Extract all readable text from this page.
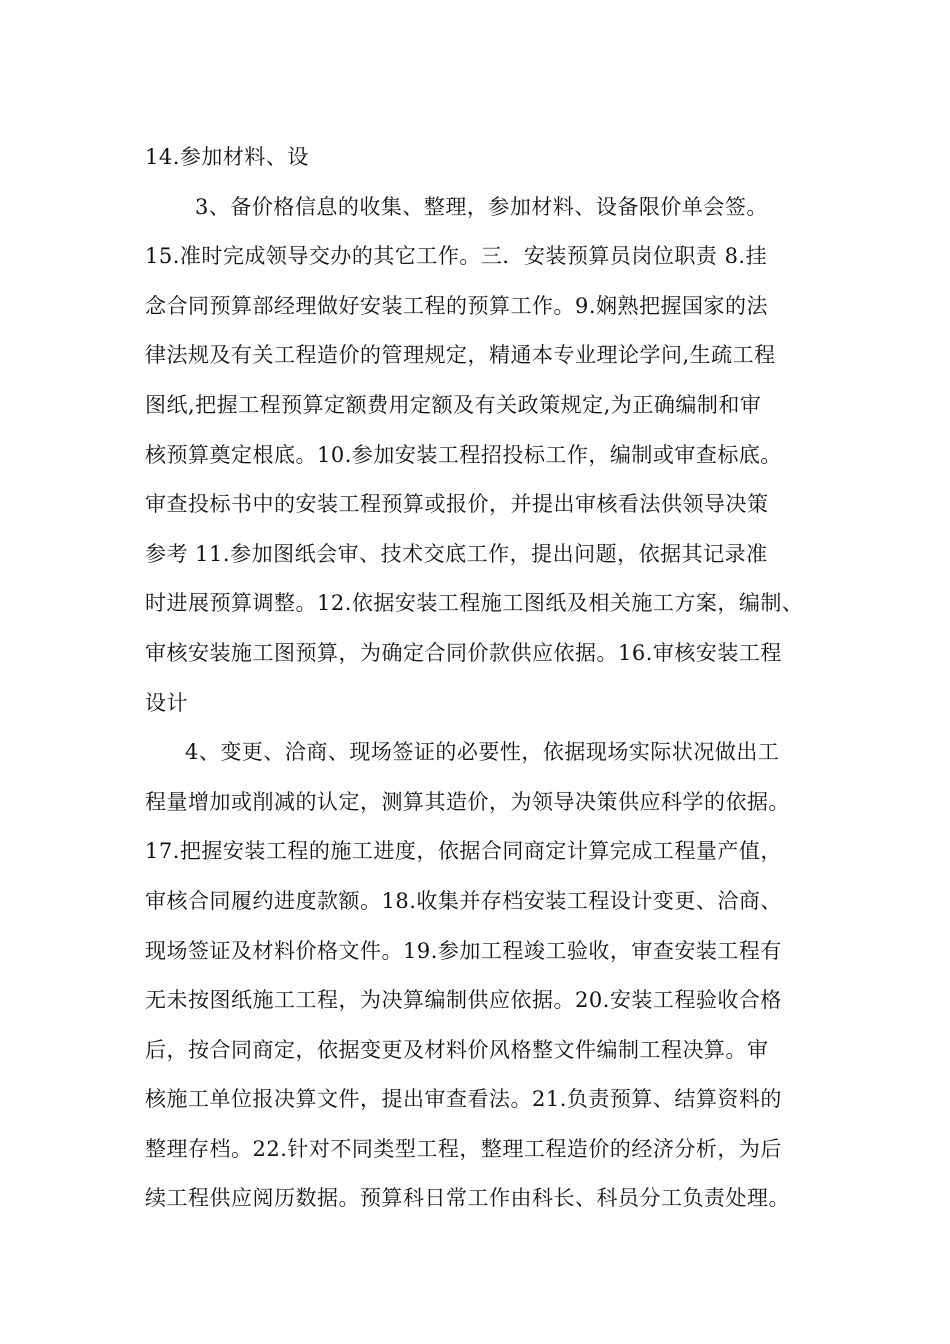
14.参加材料、设
3、备价格信息的收集、整理，参加材料、设备限价单会签。
15.准时完成领导交办的其它工作。三．安装预算员岗位职责 8.挂
念合同预算部经理做好安装工程的预算工作。9.娴熟把握国家的法
律法规及有关工程造价的管理规定，精通本专业理论学问,生疏工程
图纸,把握工程预算定额费用定额及有关政策规定,为正确编制和审
核预算奠定根底。10.参加安装工程招投标工作，编制或审查标底。
审查投标书中的安装工程预算或报价，并提出审核看法供领导决策
参考 11.参加图纸会审、技术交底工作，提出问题，依据其记录准
时进展预算调整。12.依据安装工程施工图纸及相关施工方案，编制、
审核安装施工图预算，为确定合同价款供应依据。16.审核安装工程
设计
4、变更、洽商、现场签证的必要性，依据现场实际状况做出工
程量增加或削减的认定，测算其造价，为领导决策供应科学的依据。
17.把握安装工程的施工进度，依据合同商定计算完成工程量产值，
审核合同履约进度款额。18.收集并存档安装工程设计变更、洽商、
现场签证及材料价格文件。19.参加工程竣工验收，审查安装工程有
无未按图纸施工工程，为决算编制供应依据。20.安装工程验收合格
后，按合同商定，依据变更及材料价风格整文件编制工程决算。审
核施工单位报决算文件，提出审查看法。21.负责预算、结算资料的
整理存档。22.针对不同类型工程，整理工程造价的经济分析，为后
续工程供应阅历数据。预算科日常工作由科长、科员分工负责处理。
